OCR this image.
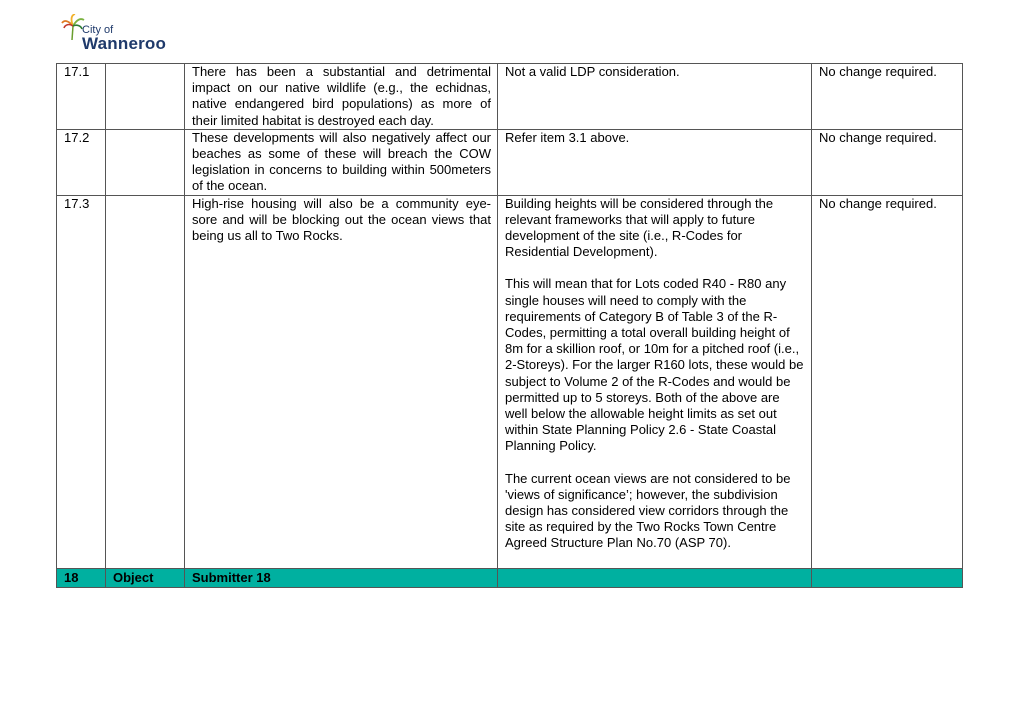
City of
Wanneroo
17.1		There has been a substantial and detrimental impact on our native wildlife (e.g., the echidnas, native endangered bird populations) as more of their limited habitat is destroyed each day.	Not a valid LDP consideration.	No change required.
17.2		These developments will also negatively affect our beaches as some of these will breach the COW legislation in concerns to building within 500meters of the ocean.	Refer item 3.1 above.	No change required.
17.3		High-rise housing will also be a community eye-sore and will be blocking out the ocean views that being us all to Two Rocks.	Building heights will be considered through the relevant frameworks that will apply to future development of the site (i.e., R-Codes for Residential Development).
This will mean that for Lots coded R40 - R80 any single houses will need to comply with the requirements of Category B of Table 3 of the R-Codes, permitting a total overall building height of 8m for a skillion roof, or 10m for a pitched roof (i.e., 2-Storeys). For the larger R160 lots, these would be subject to Volume 2 of the R-Codes and would be permitted up to 5 storeys. Both of the above are well below the allowable height limits as set out within State Planning Policy 2.6 - State Coastal Planning Policy.
The current ocean views are not considered to be 'views of significance’; however, the subdivision design has considered view corridors through the site as required by the Two Rocks Town Centre Agreed Structure Plan No.70 (ASP 70).	No change required.
18	Object	Submitter 18		
